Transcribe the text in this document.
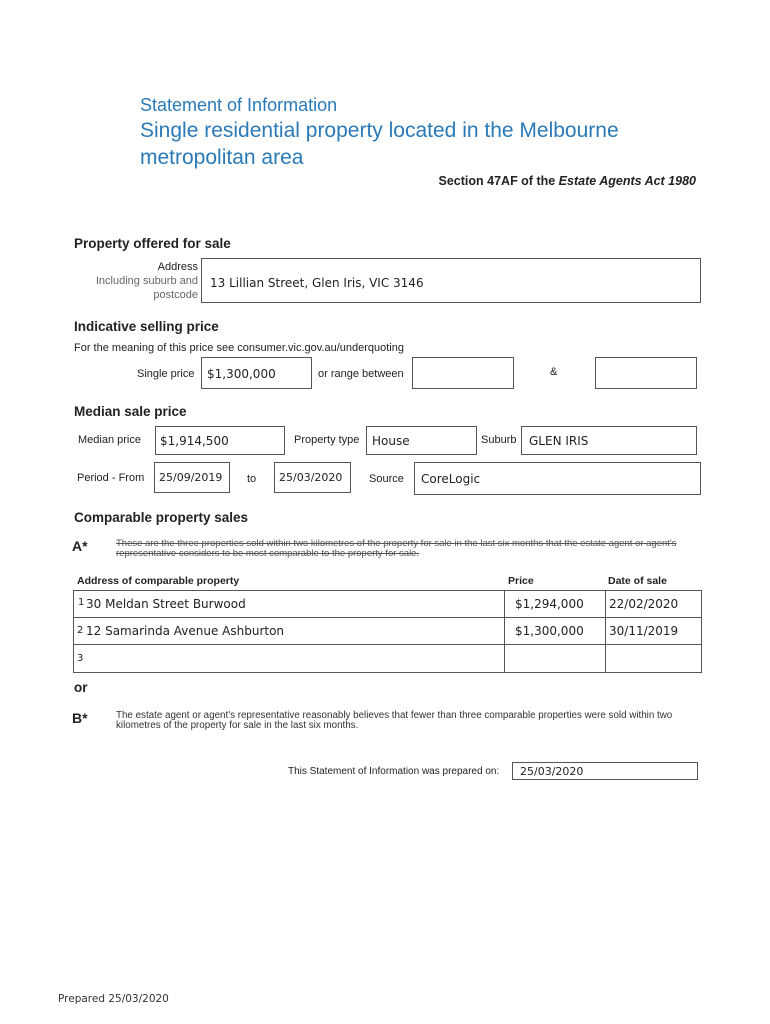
Statement of Information
Single residential property located in the Melbourne metropolitan area
Section 47AF of the Estate Agents Act 1980
Property offered for sale
Address
Including suburb and
postcode
13 Lillian Street, Glen Iris, VIC 3146
Indicative selling price
For the meaning of this price see consumer.vic.gov.au/underquoting
Single price $1,300,000	or range between	&
Median sale price
Median price $1,914,500	Property type House	Suburb GLEN IRIS
Period - From 25/09/2019 to 25/03/2020 Source CoreLogic
Comparable property sales
A*	These are the three properties sold within two kilometres of the property for sale in the last six months that the estate agent or agent's representative considers to be most comparable to the property for sale.
Address of comparable property	Price	Date of sale
1 30 Meldan Street Burwood	$1,294,000 22/02/2020
2 12 Samarinda Avenue Ashburton	$1,300,000 30/11/2019
3
or
B*	The estate agent or agent's representative reasonably believes that fewer than three comparable properties were sold within two kilometres of the property for sale in the last six months.
This Statement of Information was prepared on: 25/03/2020
Prepared 25/03/2020
